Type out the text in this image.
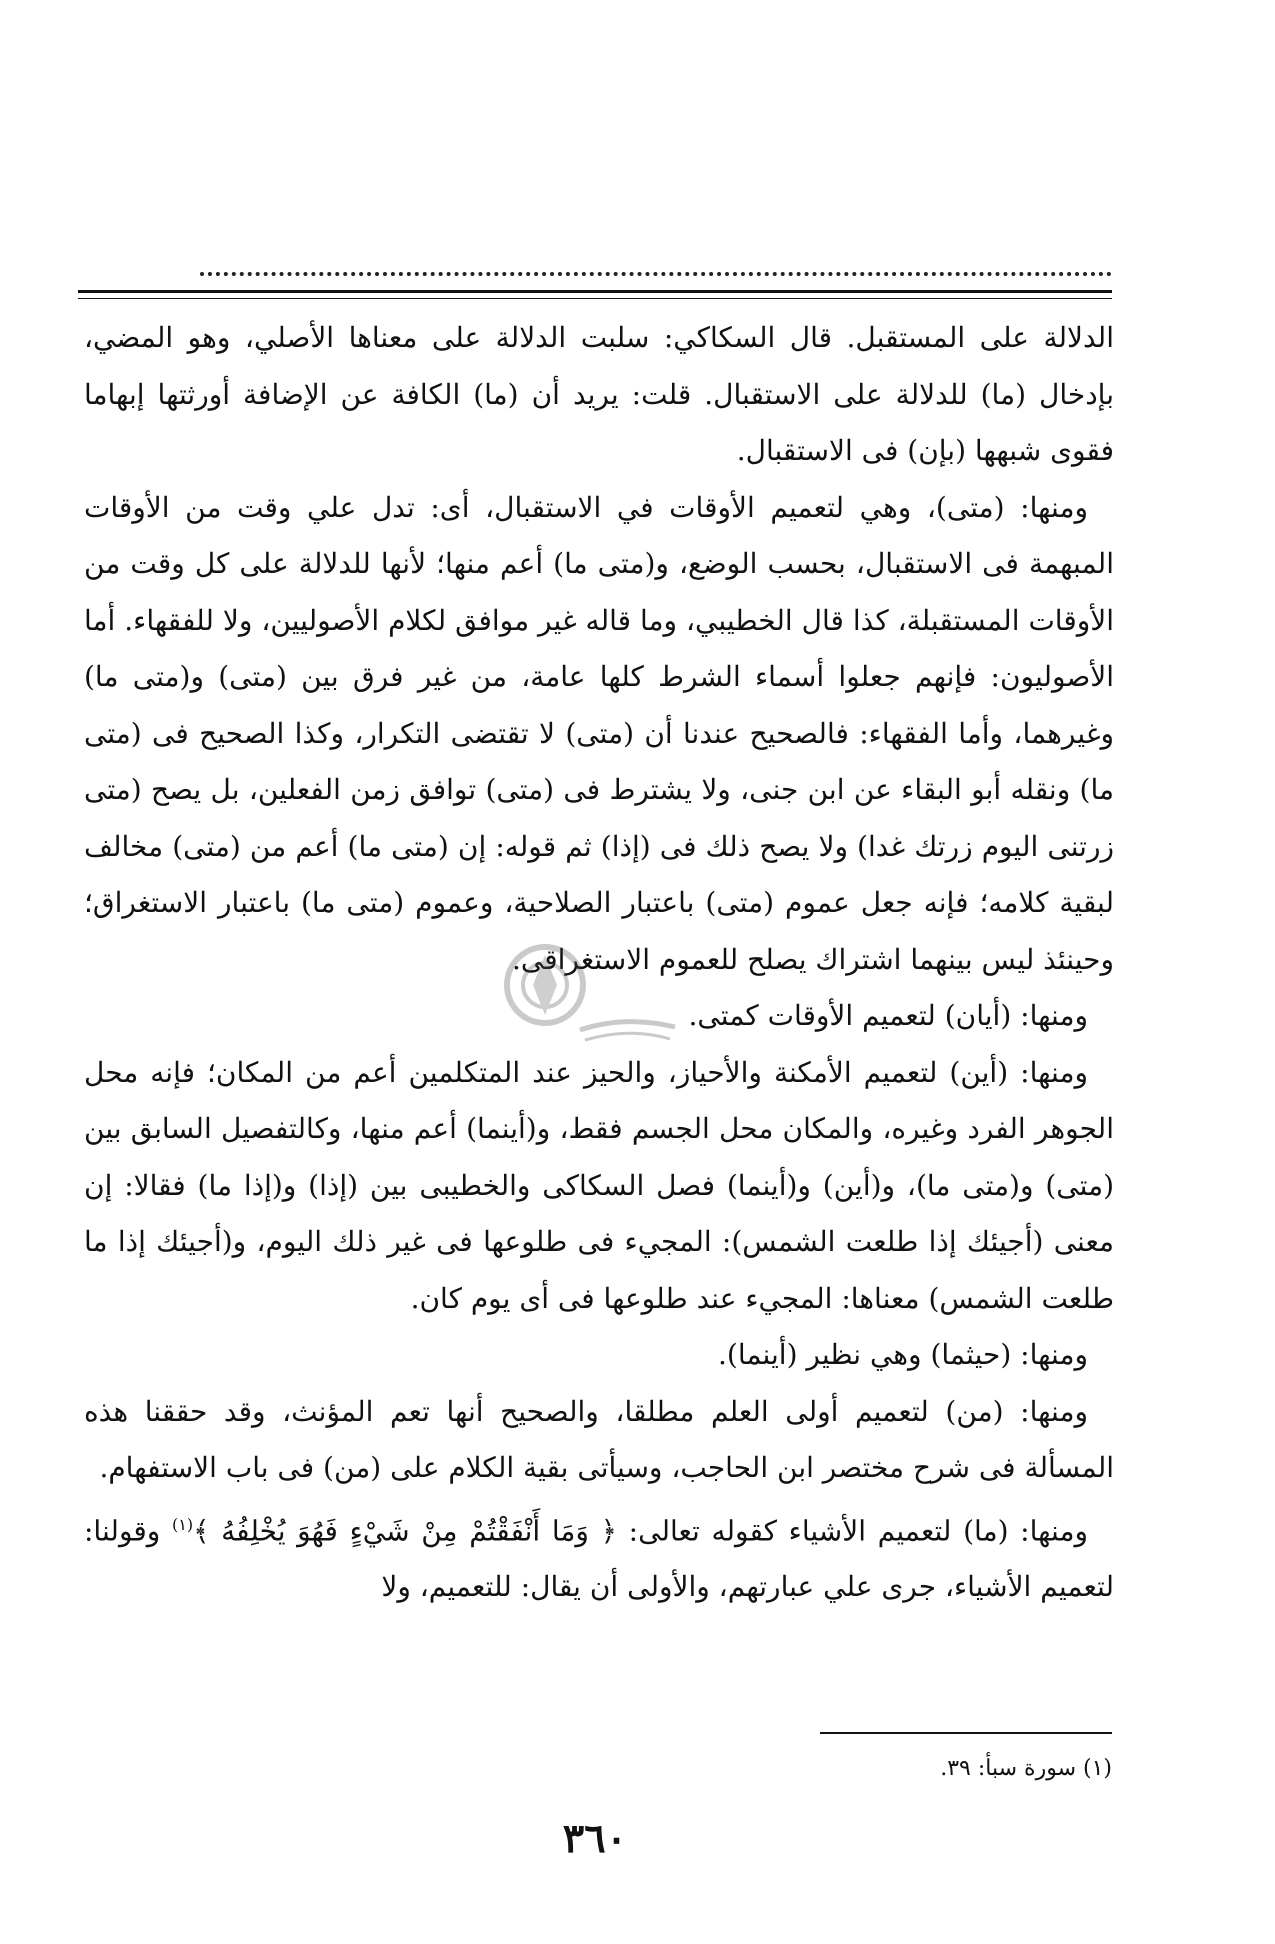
الدلالة على المستقبل. قال السكاكي: سلبت الدلالة على معناها الأصلي، وهو المضي، بإدخال (ما) للدلالة على الاستقبال. قلت: يريد أن (ما) الكافة عن الإضافة أورثتها إبهاما فقوى شبهها (بإن) فى الاستقبال.

ومنها: (متى)، وهي لتعميم الأوقات في الاستقبال، أى: تدل علي وقت من الأوقات المبهمة فى الاستقبال، بحسب الوضع، و(متى ما) أعم منها؛ لأنها للدلالة على كل وقت من الأوقات المستقبلة، كذا قال الخطيبي، وما قاله غير موافق لكلام الأصوليين، ولا للفقهاء. أما الأصوليون: فإنهم جعلوا أسماء الشرط كلها عامة، من غير فرق بين (متى) و(متى ما) وغيرهما، وأما الفقهاء: فالصحيح عندنا أن (متى) لا تقتضى التكرار، وكذا الصحيح فى (متى ما) ونقله أبو البقاء عن ابن جنى، ولا يشترط فى (متى) توافق زمن الفعلين، بل يصح (متى زرتنى اليوم زرتك غدا) ولا يصح ذلك فى (إذا) ثم قوله: إن (متى ما) أعم من (متى) مخالف لبقية كلامه؛ فإنه جعل عموم (متى) باعتبار الصلاحية، وعموم (متى ما) باعتبار الاستغراق؛ وحينئذ ليس بينهما اشتراك يصلح للعموم الاستغراقى.

ومنها: (أيان) لتعميم الأوقات كمتى.

ومنها: (أين) لتعميم الأمكنة والأحياز، والحيز عند المتكلمين أعم من المكان؛ فإنه محل الجوهر الفرد وغيره، والمكان محل الجسم فقط، و(أينما) أعم منها، وكالتفصيل السابق بين (متى) و(متى ما)، و(أين) و(أينما) فصل السكاكى والخطيبى بين (إذا) و(إذا ما) فقالا: إن معنى (أجيئك إذا طلعت الشمس): المجيء فى طلوعها فى غير ذلك اليوم، و(أجيئك إذا ما طلعت الشمس) معناها: المجيء عند طلوعها فى أى يوم كان.

ومنها: (حيثما) وهي نظير (أينما).

ومنها: (من) لتعميم أولى العلم مطلقا، والصحيح أنها تعم المؤنث، وقد حققنا هذه المسألة فى شرح مختصر ابن الحاجب، وسيأتى بقية الكلام على (من) فى باب الاستفهام.

ومنها: (ما) لتعميم الأشياء كقوله تعالى: ﴿ وَمَا أَنْفَقْتُمْ مِنْ شَيْءٍ فَهُوَ يُخْلِفُهُ ﴾$^{(١)}$ وقولنا: لتعميم الأشياء، جرى علي عبارتهم، والأولى أن يقال: للتعميم، ولا

(١) سورة سبأ: ٣٩.
٣٦٠
